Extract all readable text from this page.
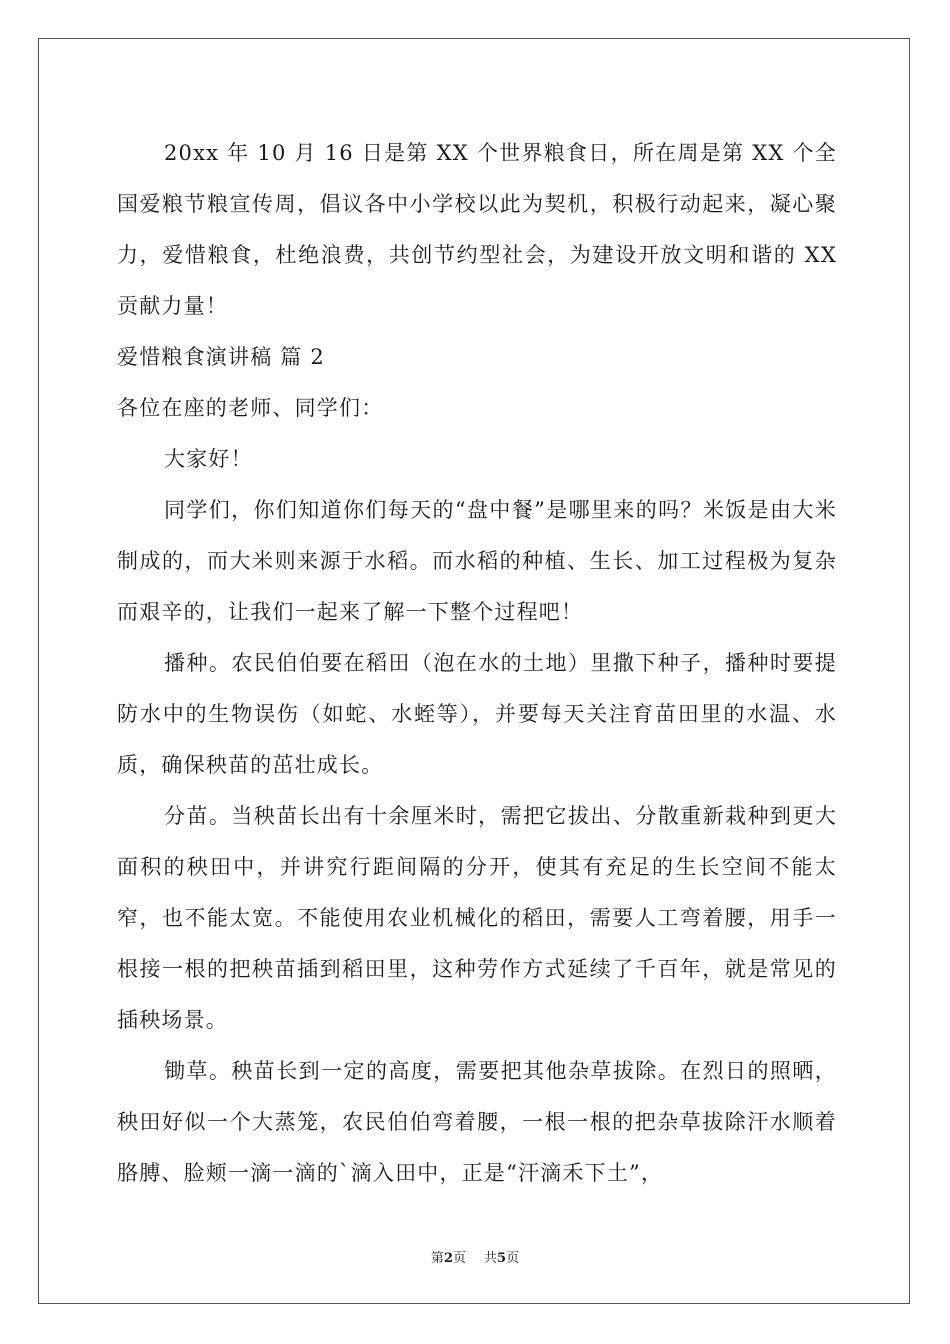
20xx 年 10 月 16 日是第 XX 个世界粮食日，所在周是第 XX 个全国爱粮节粮宣传周，倡议各中小学校以此为契机，积极行动起来，凝心聚力，爱惜粮食，杜绝浪费，共创节约型社会，为建设开放文明和谐的 XX 贡献力量！

爱惜粮食演讲稿 篇 2

各位在座的老师、同学们：

大家好！

同学们，你们知道你们每天的“盘中餐”是哪里来的吗？米饭是由大米制成的，而大米则来源于水稻。而水稻的种植、生长、加工过程极为复杂而艰辛的，让我们一起来了解一下整个过程吧！

播种。农民伯伯要在稻田（泡在水的土地）里撒下种子，播种时要提防水中的生物误伤（如蛇、水蛭等），并要每天关注育苗田里的水温、水质，确保秧苗的茁壮成长。

分苗。当秧苗长出有十余厘米时，需把它拔出、分散重新栽种到更大面积的秧田中，并讲究行距间隔的分开，使其有充足的生长空间不能太窄，也不能太宽。不能使用农业机械化的稻田，需要人工弯着腰，用手一根接一根的把秧苗插到稻田里，这种劳作方式延续了千百年，就是常见的插秧场景。

锄草。秧苗长到一定的高度，需要把其他杂草拔除。在烈日的照晒，秧田好似一个大蒸笼，农民伯伯弯着腰，一根一根的把杂草拔除汗水顺着胳膊、脸颊一滴一滴的`滴入田中，正是“汗滴禾下土”，

第2页 共5页
